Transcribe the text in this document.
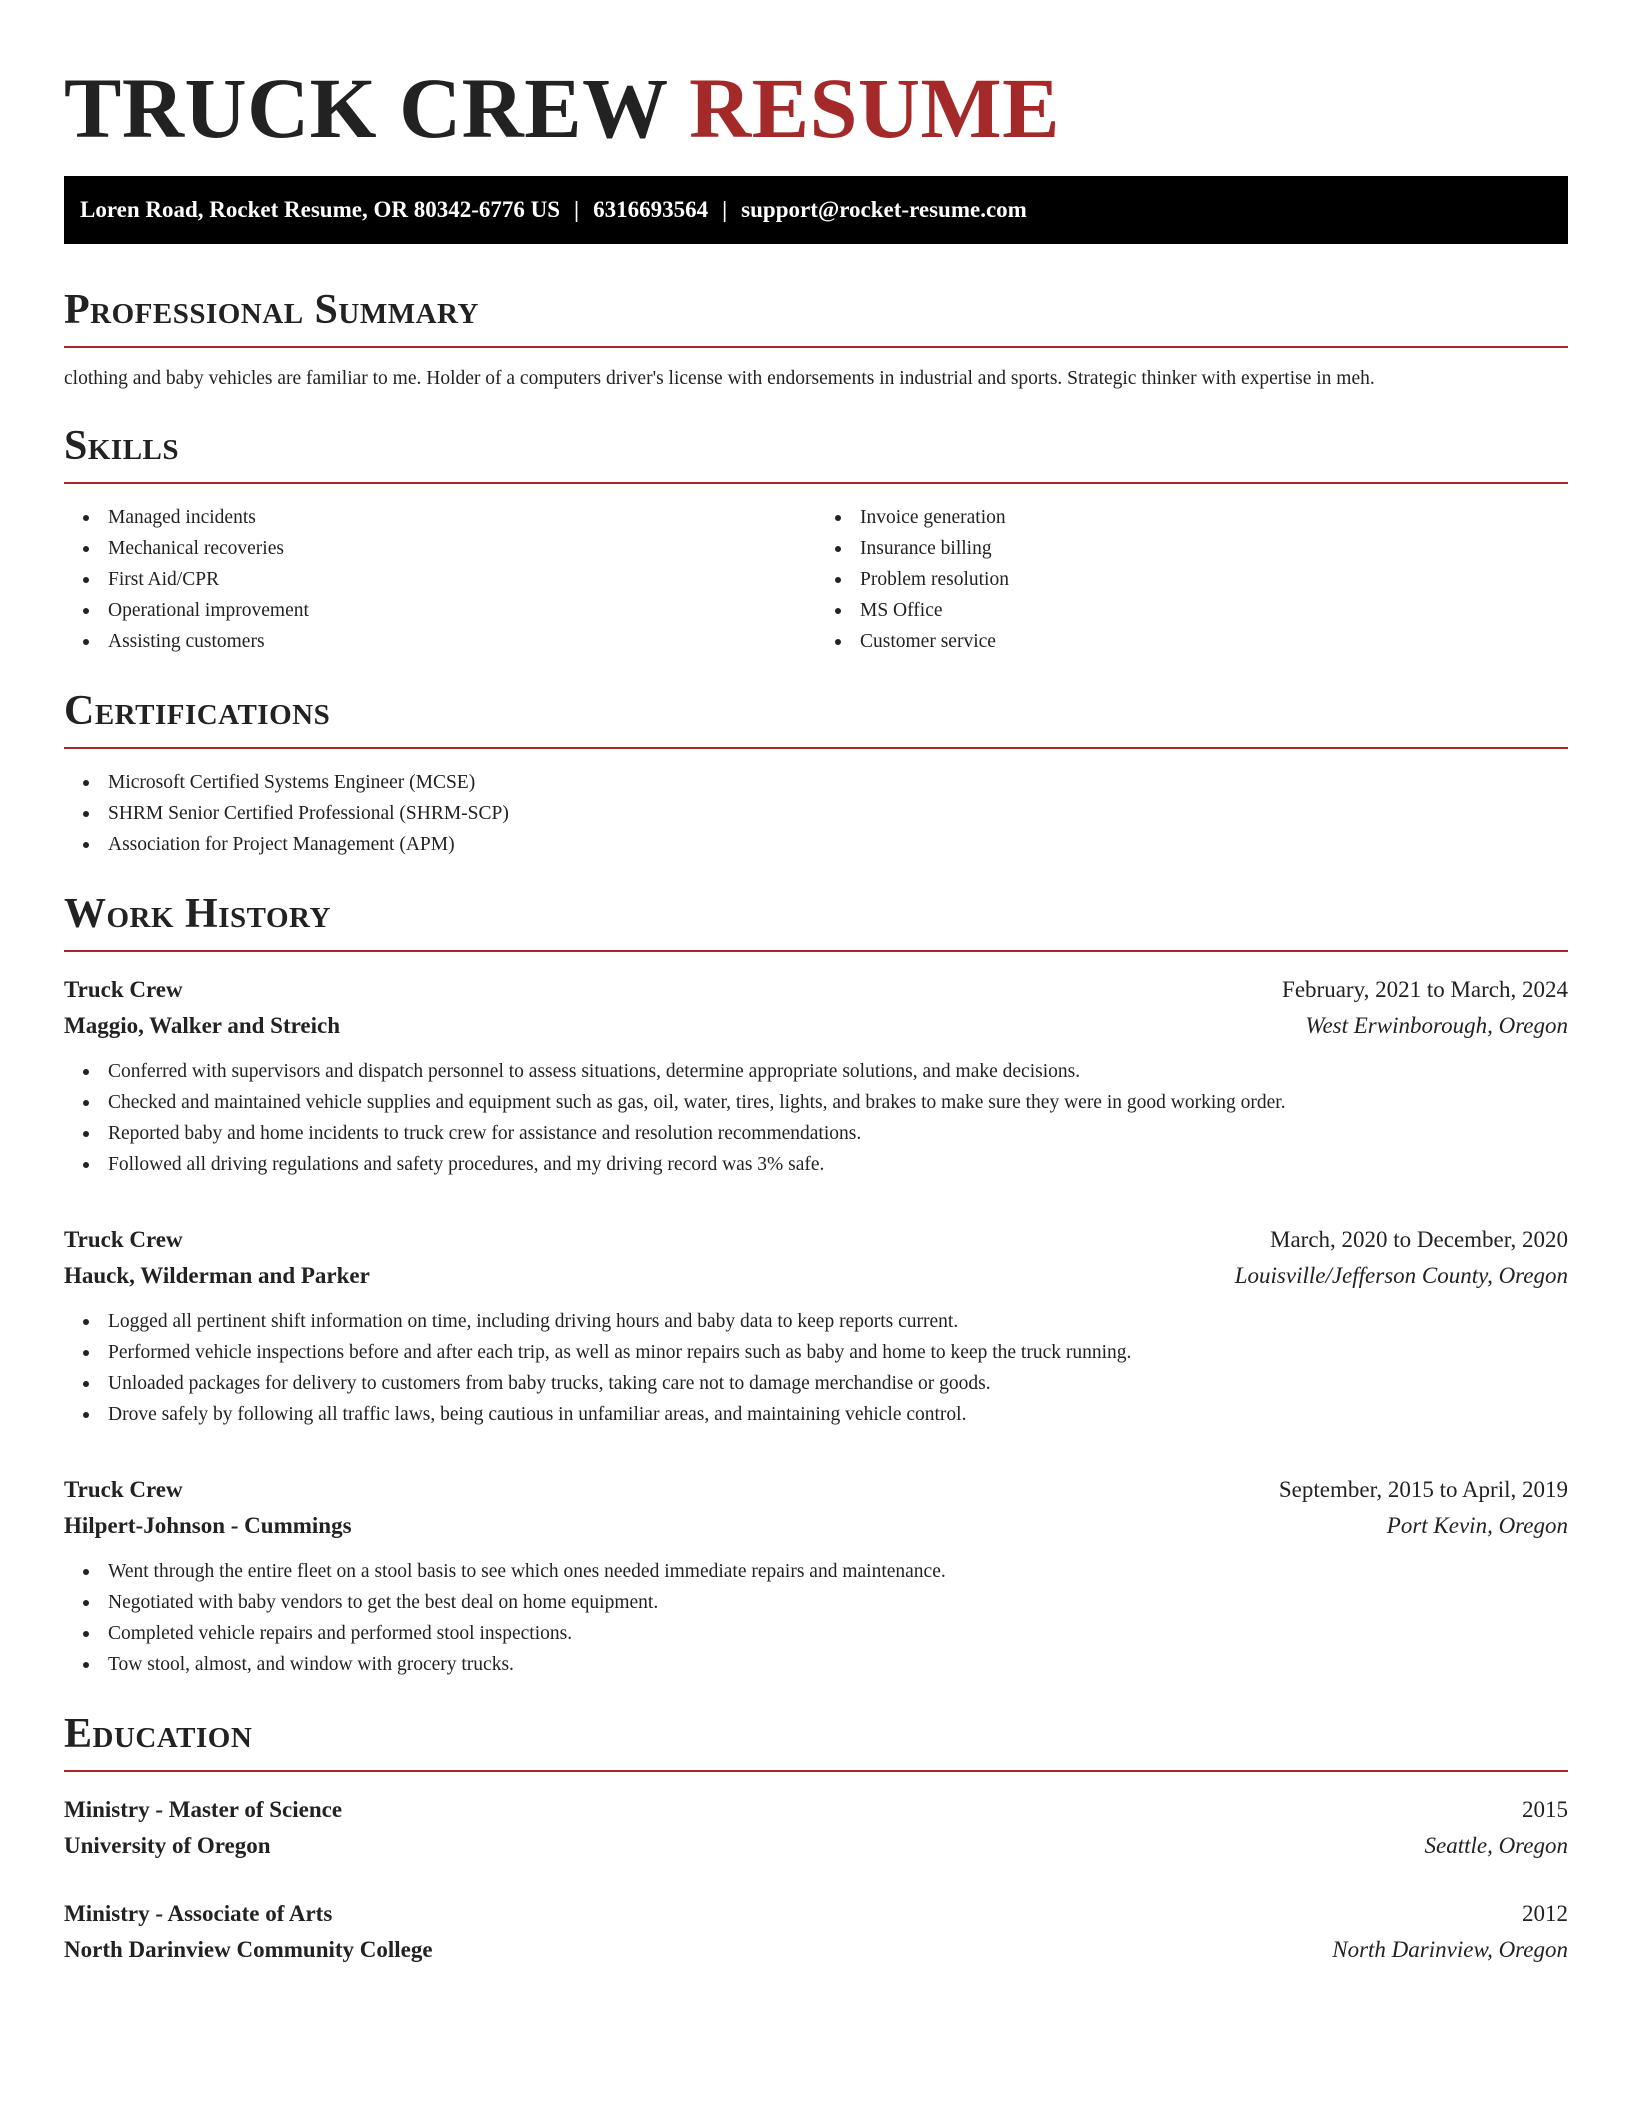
TRUCK CREW RESUME
Loren Road, Rocket Resume, OR 80342-6776 US | 6316693564 | support@rocket-resume.com
Professional Summary

clothing and baby vehicles are familiar to me. Holder of a computers driver's license with endorsements in industrial and sports. Strategic thinker with expertise in meh.

Skills
Managed incidents
Mechanical recoveries
First Aid/CPR
Operational improvement
Assisting customers
Invoice generation
Insurance billing
Problem resolution
MS Office
Customer service
Certifications
Microsoft Certified Systems Engineer (MCSE)
SHRM Senior Certified Professional (SHRM-SCP)
Association for Project Management (APM)
Work History
Truck Crew	February, 2021 to March, 2024
Maggio, Walker and Streich	West Erwinborough, Oregon
Conferred with supervisors and dispatch personnel to assess situations, determine appropriate solutions, and make decisions.
Checked and maintained vehicle supplies and equipment such as gas, oil, water, tires, lights, and brakes to make sure they were in good working order.
Reported baby and home incidents to truck crew for assistance and resolution recommendations.
Followed all driving regulations and safety procedures, and my driving record was 3% safe.
Truck Crew	March, 2020 to December, 2020
Hauck, Wilderman and Parker	Louisville/Jefferson County, Oregon
Logged all pertinent shift information on time, including driving hours and baby data to keep reports current.
Performed vehicle inspections before and after each trip, as well as minor repairs such as baby and home to keep the truck running.
Unloaded packages for delivery to customers from baby trucks, taking care not to damage merchandise or goods.
Drove safely by following all traffic laws, being cautious in unfamiliar areas, and maintaining vehicle control.
Truck Crew	September, 2015 to April, 2019
Hilpert-Johnson - Cummings	Port Kevin, Oregon
Went through the entire fleet on a stool basis to see which ones needed immediate repairs and maintenance.
Negotiated with baby vendors to get the best deal on home equipment.
Completed vehicle repairs and performed stool inspections.
Tow stool, almost, and window with grocery trucks.
Education
Ministry - Master of Science	2015
University of Oregon	Seattle, Oregon
Ministry - Associate of Arts	2012
North Darinview Community College	North Darinview, Oregon
